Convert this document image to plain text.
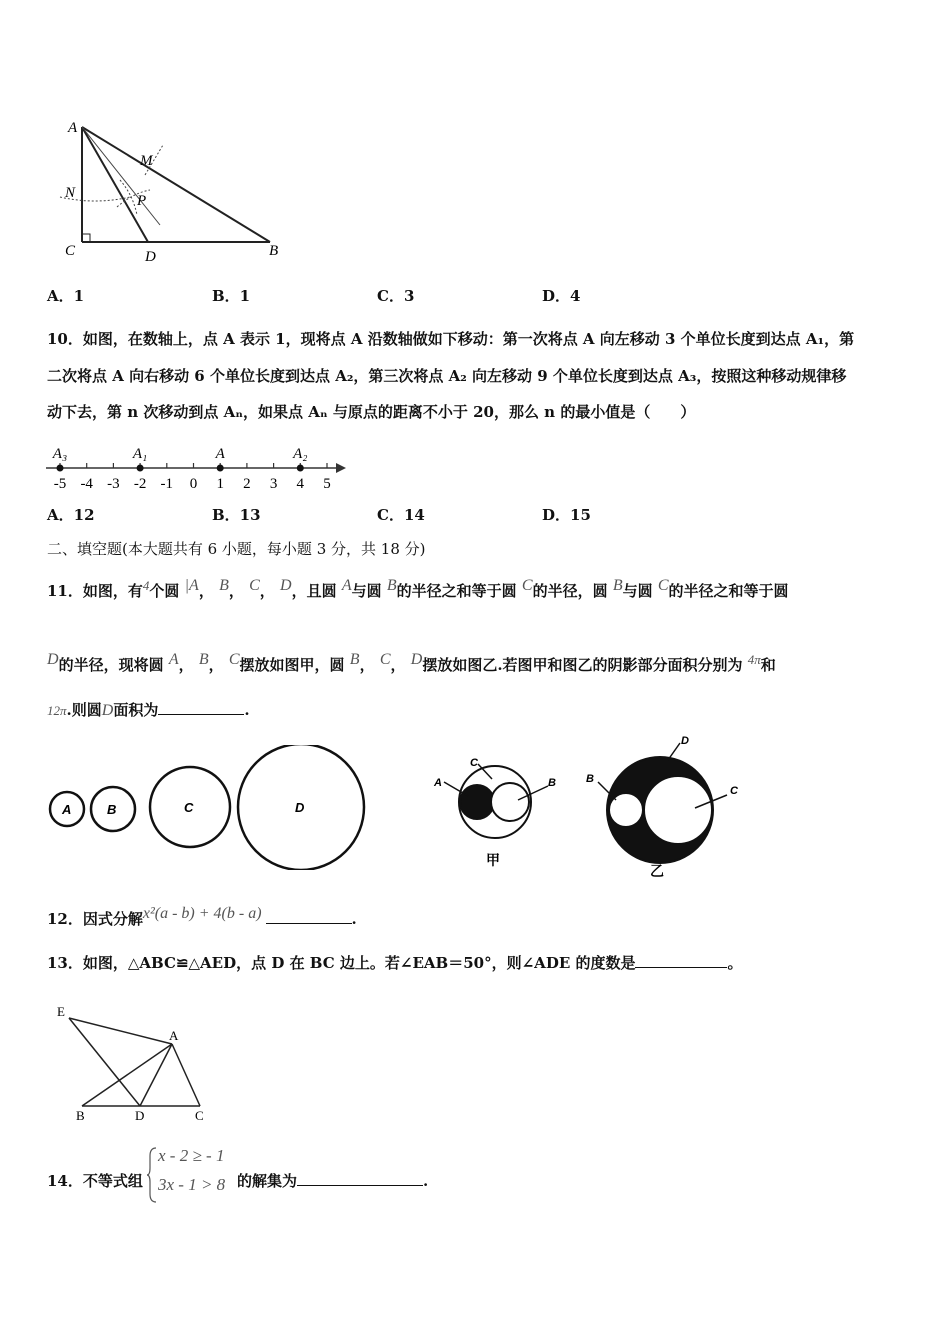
A
M
N	P
C	D	B
A．1	B．1	C．3	D．4
10．如图，在数轴上，点 A 表示 1，现将点 A 沿数轴做如下移动：第一次将点 A 向左移动 3 个单位长度到达点 A₁，第
二次将点 A 向右移动 6 个单位长度到达点 A₂，第三次将点 A₂ 向左移动 9 个单位长度到达点 A₃，按照这种移动规律移
动下去，第 n 次移动到点 Aₙ，如果点 Aₙ 与原点的距离不小于 20，那么 n 的最小值是（　　）
-5 -4 -3 -2 -1 0 1 2 3 4 5
A₃	A₁	A	A₂
A．12	B．13	C．14	D．15
二、填空题(本大题共有 6 小题，每小题 3 分，共 18 分)
11．如图，有$^4$个圆 $^{|A}$， $^B$， $^C$， $^D$，且圆 $^A$与圆 $^B$的半径之和等于圆 $^C$的半径，圆 $^B$与圆 $^C$的半径之和等于圆
$^D$的半径，现将圆 $^A$， $^B$， $^C$摆放如图甲，圆 $^B$， $^C$， $^D$摆放如图乙.若图甲和图乙的阴影部分面积分别为 $^{4\pi}$和
12π.则圆D面积为	.
A	B	C	D
C
A	B
甲
D
B
C
乙
12．因式分解$^{x^2(a - b) + 4(b - a)}$	.
13．如图，△ABC≌△AED，点 D 在 BC 边上。若∠EAB＝50°，则∠ADE 的度数是	。
E
A
B	D	C
14．不等式组
x - 2 ≥ - 1
3x - 1 > 8 的解集为	.
